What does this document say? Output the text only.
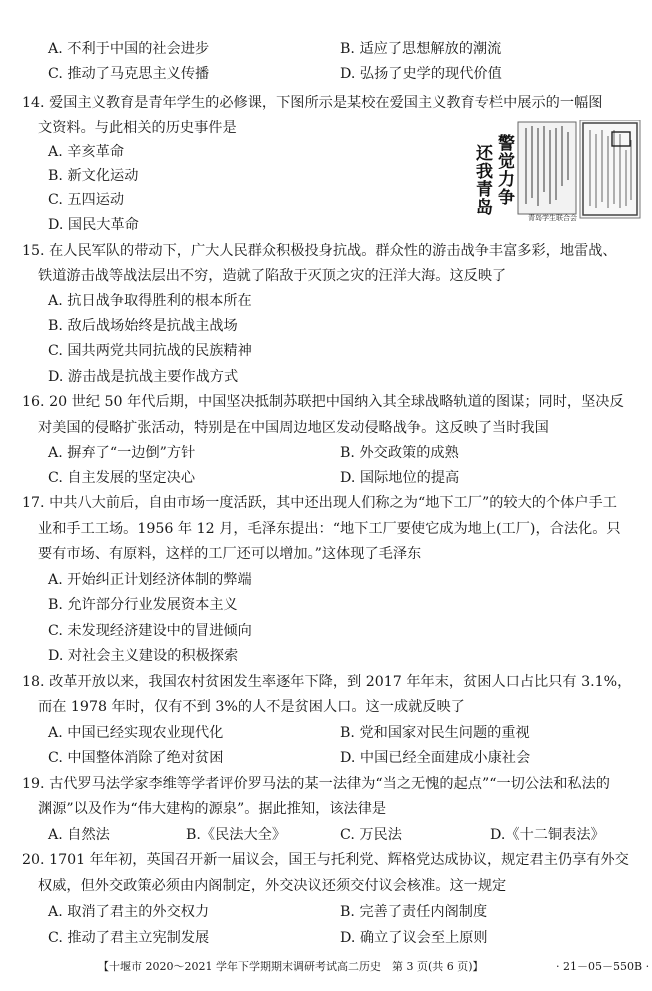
A. 不利于中国的社会进步	B. 适应了思想解放的潮流
C. 推动了马克思主义传播	D. 弘扬了史学的现代价值
14. 爱国主义教育是青年学生的必修课，下图所示是某校在爱国主义教育专栏中展示的一幅图
文资料。与此相关的历史事件是
A. 辛亥革命
B. 新文化运动
C. 五四运动
D. 国民大革命
警觉力争
还我青岛
青岛学生联合会
15. 在人民军队的带动下，广大人民群众积极投身抗战。群众性的游击战争丰富多彩，地雷战、
铁道游击战等战法层出不穷，造就了陷敌于灭顶之灾的汪洋大海。这反映了
A. 抗日战争取得胜利的根本所在
B. 敌后战场始终是抗战主战场
C. 国共两党共同抗战的民族精神
D. 游击战是抗战主要作战方式
16. 20 世纪 50 年代后期，中国坚决抵制苏联把中国纳入其全球战略轨道的图谋；同时，坚决反
对美国的侵略扩张活动，特别是在中国周边地区发动侵略战争。这反映了当时我国
A. 摒弃了“一边倒”方针	B. 外交政策的成熟
C. 自主发展的坚定决心	D. 国际地位的提高
17. 中共八大前后，自由市场一度活跃，其中还出现人们称之为“地下工厂”的较大的个体户手工
业和手工工场。1956 年 12 月，毛泽东提出：“地下工厂要使它成为地上(工厂)，合法化。只
要有市场、有原料，这样的工厂还可以增加。”这体现了毛泽东
A. 开始纠正计划经济体制的弊端
B. 允许部分行业发展资本主义
C. 未发现经济建设中的冒进倾向
D. 对社会主义建设的积极探索
18. 改革开放以来，我国农村贫困发生率逐年下降，到 2017 年年末，贫困人口占比只有 3.1%，
而在 1978 年时，仅有不到 3%的人不是贫困人口。这一成就反映了
A. 中国已经实现农业现代化	B. 党和国家对民生问题的重视
C. 中国整体消除了绝对贫困	D. 中国已经全面建成小康社会
19. 古代罗马法学家李维等学者评价罗马法的某一法律为“当之无愧的起点”“一切公法和私法的
渊源”以及作为“伟大建构的源泉”。据此推知，该法律是
A. 自然法	B.《民法大全》	C. 万民法	D.《十二铜表法》
20. 1701 年年初，英国召开新一届议会，国王与托利党、辉格党达成协议，规定君主仍享有外交
权威，但外交政策必须由内阁制定，外交决议还须交付议会核准。这一规定
A. 取消了君主的外交权力	B. 完善了责任内阁制度
C. 推动了君主立宪制发展	D. 确立了议会至上原则
【十堰市 2020～2021 学年下学期期末调研考试高二历史　第 3 页(共 6 页)】	· 21－05－550B ·
